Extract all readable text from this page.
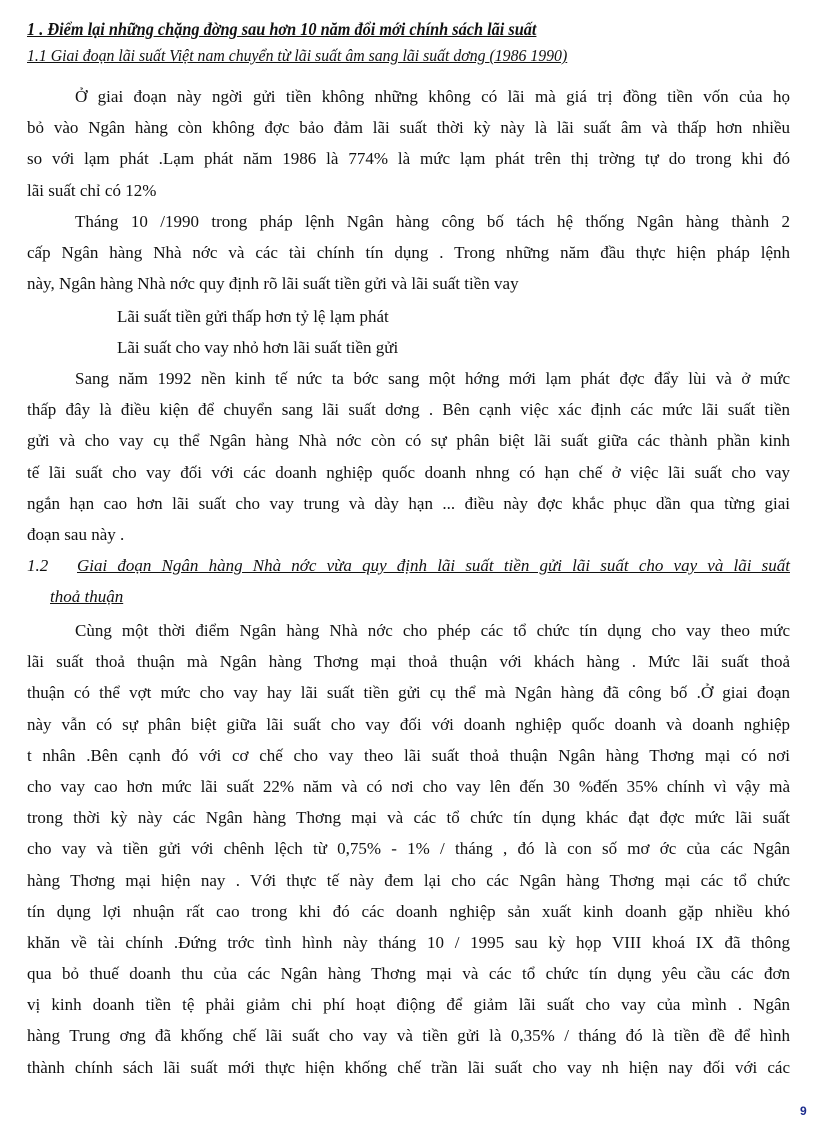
1 . Điểm lại những chặng đờng sau hơn 10 năm đổi mới chính sách lãi suất
1.1 Giai đoạn lãi suất Việt nam chuyển từ lãi suất âm sang lãi suất dơng (1986 1990)
Ở giai đoạn này ngời gửi tiền không những không có lãi mà giá trị đồng tiền vốn của họ
bỏ vào Ngân hàng còn không đợc bảo đảm lãi suất thời kỳ này là lãi suất âm và thấp hơn nhiều
so với lạm phát .Lạm phát năm 1986 là 774% là mức lạm phát trên thị trờng tự do trong khi đó
lãi suất chỉ có 12%
Tháng 10 /1990 trong pháp lệnh Ngân hàng công bố tách hệ thống Ngân hàng thành 2
cấp Ngân hàng Nhà nớc và các tài chính tín dụng . Trong những năm đầu thực hiện pháp lệnh
này, Ngân hàng Nhà nớc quy định rõ lãi suất tiền gửi và lãi suất tiền vay
Lãi suất tiền gửi thấp hơn tỷ lệ lạm phát
Lãi suất cho vay nhỏ hơn lãi suất tiền gửi
Sang năm 1992 nền kinh tế nức ta bớc sang một hớng mới lạm phát đợc đẩy lùi và ở mức
thấp đây là điều kiện để chuyển sang lãi suất dơng . Bên cạnh việc xác định các mức lãi suất tiền
gửi và cho vay cụ thể Ngân hàng Nhà nớc còn có sự phân biệt lãi suất giữa các thành phần kinh
tế lãi suất cho vay đối với các doanh nghiệp quốc doanh nhng có hạn chế ở việc lãi suất cho vay
ngắn hạn cao hơn lãi suất cho vay trung và dày hạn ... điều này đợc khắc phục dần qua từng giai
đoạn sau này .
1.2 Giai đoạn Ngân hàng Nhà nớc vừa quy định lãi suất tiền gửi lãi suất cho vay và lãi suất
thoả thuận
Cùng một thời điểm Ngân hàng Nhà nớc cho phép các tổ chức tín dụng cho vay theo mức
lãi suất thoả thuận mà Ngân hàng Thơng mại thoả thuận với khách hàng . Mức lãi suất thoả
thuận có thể vợt mức cho vay hay lãi suất tiền gửi cụ thể mà Ngân hàng đã công bố .Ở giai đoạn
này vẫn có sự phân biệt giữa lãi suất cho vay đối với doanh nghiệp quốc doanh và doanh nghiệp
t nhân .Bên cạnh đó với cơ chế cho vay theo lãi suất thoả thuận Ngân hàng Thơng mại có nơi
cho vay cao hơn mức lãi suất 22% năm và có nơi cho vay lên đến 30 %đến 35% chính vì vậy mà
trong thời kỳ này các Ngân hàng Thơng mại và các tổ chức tín dụng khác đạt đợc mức lãi suất
cho vay và tiền gửi với chênh lệch từ 0,75% - 1% / tháng , đó là con số mơ ớc của các Ngân
hàng Thơng mại hiện nay . Với thực tế này đem lại cho các Ngân hàng Thơng mại các tổ chức
tín dụng lợi nhuận rất cao trong khi đó các doanh nghiệp sản xuất kinh doanh gặp nhiều khó
khăn về tài chính .Đứng trớc tình hình này tháng 10 / 1995 sau kỳ họp VIII khoá IX đã thông
qua bỏ thuế doanh thu của các Ngân hàng Thơng mại và các tổ chức tín dụng yêu cầu các đơn
vị kinh doanh tiền tệ phải giảm chi phí hoạt điộng để giảm lãi suất cho vay của mình . Ngân
hàng Trung ơng đã khống chế lãi suất cho vay và tiền gửi là 0,35% / tháng đó là tiền đề để hình
thành chính sách lãi suất mới thực hiện khống chế trần lãi suất cho vay nh hiện nay đối với các
9
